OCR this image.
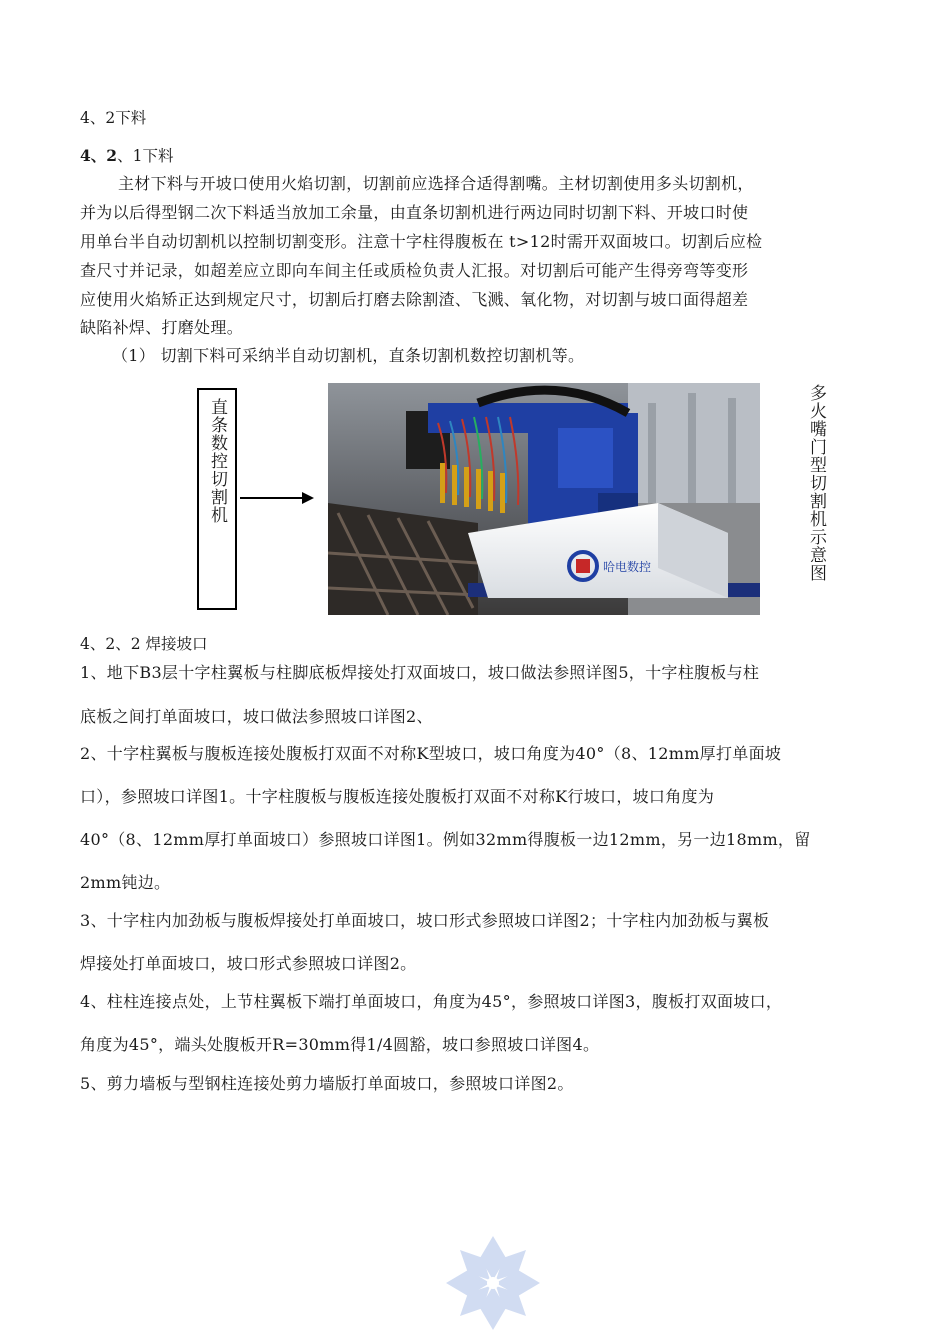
4、2下料
4、2、1下料
主材下料与开坡口使用火焰切割，切割前应选择合适得割嘴。主材切割使用多头切割机，
并为以后得型钢二次下料适当放加工余量，由直条切割机进行两边同时切割下料、开坡口时使
用单台半自动切割机以控制切割变形。注意十字柱得腹板在 t>12时需开双面坡口。切割后应检
查尺寸并记录，如超差应立即向车间主任或质检负责人汇报。对切割后可能产生得旁弯等变形
应使用火焰矫正达到规定尺寸，切割后打磨去除割渣、飞溅、氧化物，对切割与坡口面得超差
缺陷补焊、打磨处理。
（1） 切割下料可采纳半自动切割机，直条切割机数控切割机等。
直条数控切割机
哈电数控	多火嘴门型切割机示意图
4、2、2 焊接坡口
1、地下B3层十字柱翼板与柱脚底板焊接处打双面坡口，坡口做法参照详图5，十字柱腹板与柱
底板之间打单面坡口，坡口做法参照坡口详图2、
2、十字柱翼板与腹板连接处腹板打双面不对称K型坡口，坡口角度为40°（8、12mm厚打单面坡
口），参照坡口详图1。十字柱腹板与腹板连接处腹板打双面不对称K行坡口，坡口角度为
40°（8、12mm厚打单面坡口）参照坡口详图1。例如32mm得腹板一边12mm，另一边18mm，留
2mm钝边。
3、十字柱内加劲板与腹板焊接处打单面坡口，坡口形式参照坡口详图2；十字柱内加劲板与翼板
焊接处打单面坡口，坡口形式参照坡口详图2。
4、柱柱连接点处，上节柱翼板下端打单面坡口，角度为45°，参照坡口详图3，腹板打双面坡口，
角度为45°，端头处腹板开R=30mm得1/4圆豁，坡口参照坡口详图4。
5、剪力墙板与型钢柱连接处剪力墙版打单面坡口，参照坡口详图2。
